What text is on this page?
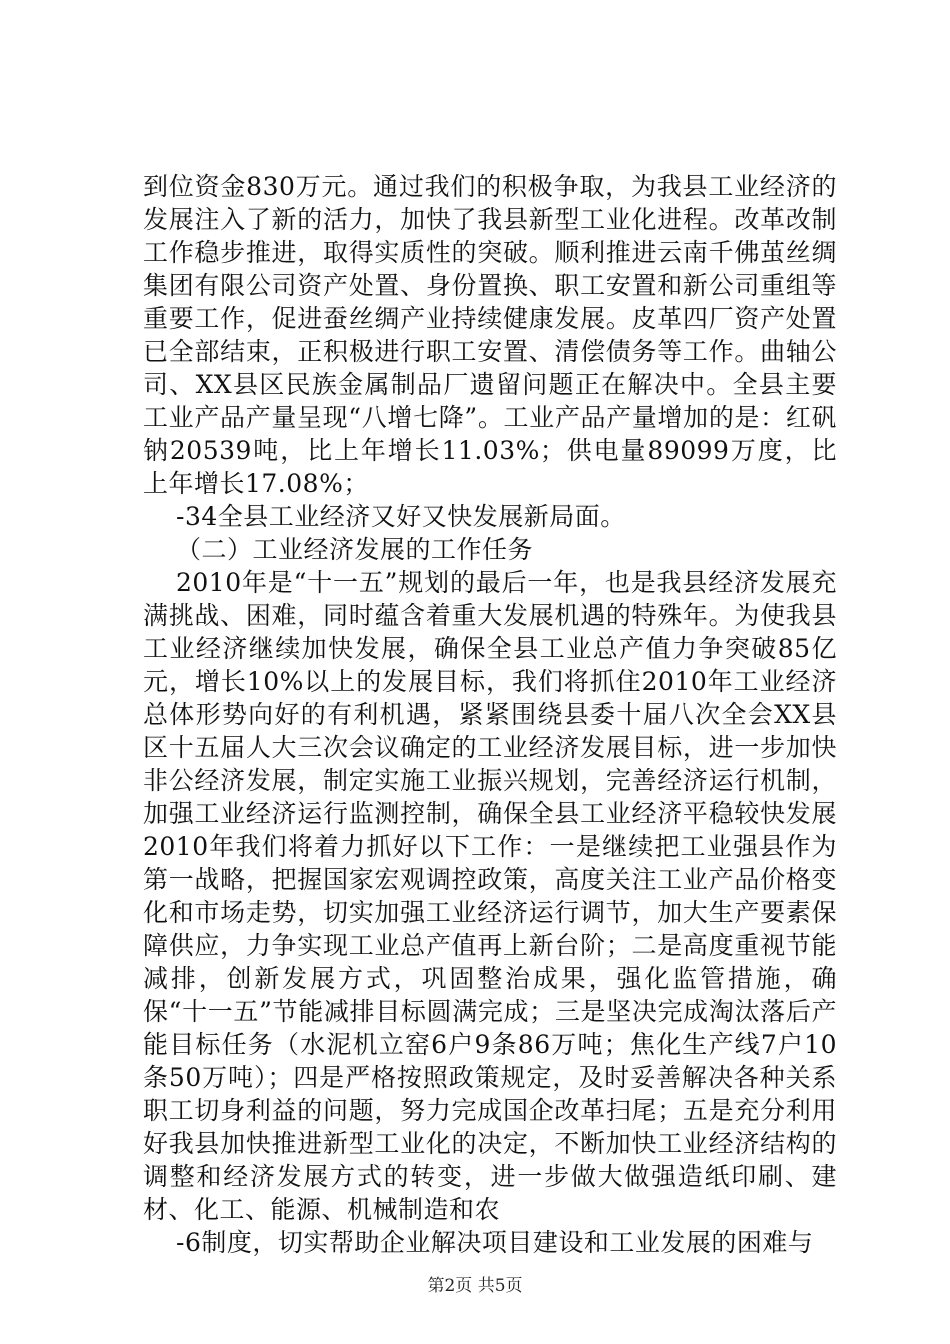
到位资金830万元。通过我们的积极争取，为我县工业经济的发展注入了新的活力，加快了我县新型工业化进程。改革改制工作稳步推进，取得实质性的突破。顺利推进云南千佛茧丝绸集团有限公司资产处置、身份置换、职工安置和新公司重组等重要工作，促进蚕丝绸产业持续健康发展。皮革四厂资产处置已全部结束，正积极进行职工安置、清偿债务等工作。曲轴公司、XX县区民族金属制品厂遗留问题正在解决中。全县主要工业产品产量呈现“八增七降”。工业产品产量增加的是：红矾钠20539吨，比上年增长11.03%；供电量89099万度，比上年增长17.08%；

-34全县工业经济又好又快发展新局面。

（二）工业经济发展的工作任务

2010年是“十一五”规划的最后一年，也是我县经济发展充满挑战、困难，同时蕴含着重大发展机遇的特殊年。为使我县工业经济继续加快发展，确保全县工业总产值力争突破85亿元，增长10%以上的发展目标，我们将抓住2010年工业经济总体形势向好的有利机遇，紧紧围绕县委十届八次全会XX县区十五届人大三次会议确定的工业经济发展目标，进一步加快非公经济发展，制定实施工业振兴规划，完善经济运行机制，加强工业经济运行监测控制，确保全县工业经济平稳较快发展2010年我们将着力抓好以下工作：一是继续把工业强县作为第一战略，把握国家宏观调控政策，高度关注工业产品价格变化和市场走势，切实加强工业经济运行调节，加大生产要素保障供应，力争实现工业总产值再上新台阶；二是高度重视节能减排，创新发展方式，巩固整治成果，强化监管措施，确保“十一五”节能减排目标圆满完成；三是坚决完成淘汰落后产能目标任务（水泥机立窑6户9条86万吨；焦化生产线7户10条50万吨）；四是严格按照政策规定，及时妥善解决各种关系职工切身利益的问题，努力完成国企改革扫尾；五是充分利用好我县加快推进新型工业化的决定，不断加快工业经济结构的调整和经济发展方式的转变，进一步做大做强造纸印刷、建材、化工、能源、机械制造和农

-6制度，切实帮助企业解决项目建设和工业发展的困难与

第2页 共5页
